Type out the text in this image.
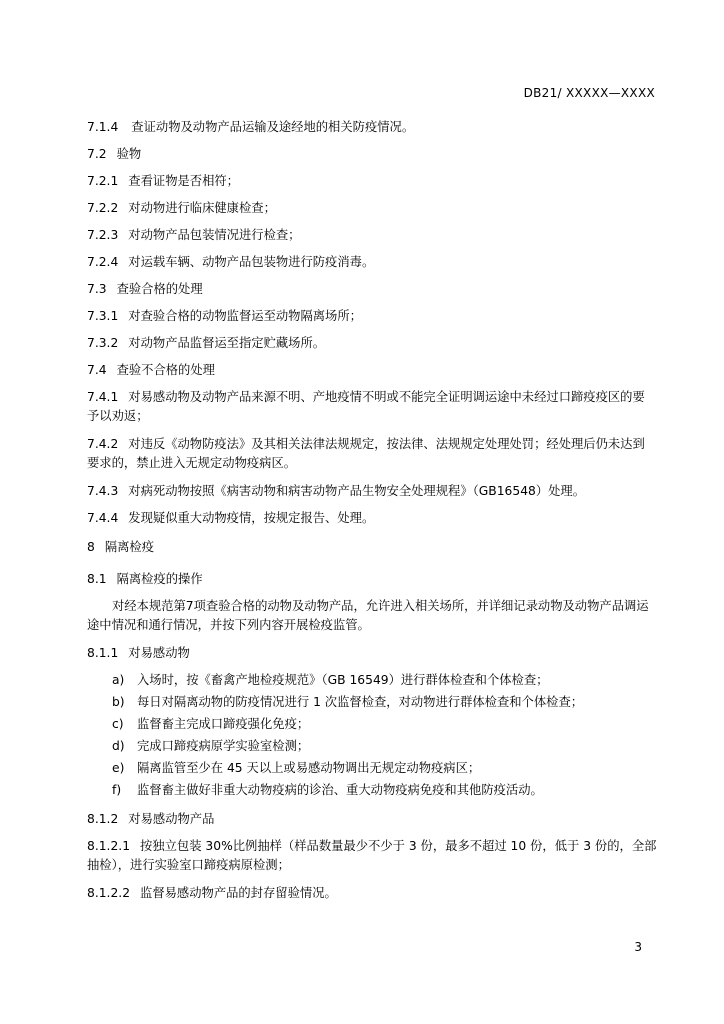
DB21/ XXXXX—XXXX
7.1.4 查证动物及动物产品运输及途经地的相关防疫情况。
7.2 验物
7.2.1 查看证物是否相符；
7.2.2 对动物进行临床健康检查；
7.2.3 对动物产品包装情况进行检查；
7.2.4 对运载车辆、动物产品包装物进行防疫消毒。
7.3 查验合格的处理
7.3.1 对查验合格的动物监督运至动物隔离场所；
7.3.2 对动物产品监督运至指定贮藏场所。
7.4 查验不合格的处理
7.4.1 对易感动物及动物产品来源不明、产地疫情不明或不能完全证明调运途中未经过口蹄疫疫区的要予以劝返；
7.4.2 对违反《动物防疫法》及其相关法律法规规定，按法律、法规规定处理处罚；经处理后仍未达到要求的，禁止进入无规定动物疫病区。
7.4.3 对病死动物按照《病害动物和病害动物产品生物安全处理规程》（GB16548）处理。
7.4.4 发现疑似重大动物疫情，按规定报告、处理。
8 隔离检疫
8.1 隔离检疫的操作
对经本规范第7项查验合格的动物及动物产品，允许进入相关场所，并详细记录动物及动物产品调运途中情况和通行情况，并按下列内容开展检疫监管。
8.1.1 对易感动物
a)	入场时，按《畜禽产地检疫规范》（GB 16549）进行群体检查和个体检查；
b)	每日对隔离动物的防疫情况进行 1 次监督检查，对动物进行群体检查和个体检查；
c)	监督畜主完成口蹄疫强化免疫；
d)	完成口蹄疫病原学实验室检测；
e)	隔离监管至少在 45 天以上或易感动物调出无规定动物疫病区；
f)	监督畜主做好非重大动物疫病的诊治、重大动物疫病免疫和其他防疫活动。
8.1.2 对易感动物产品
8.1.2.1 按独立包装 30%比例抽样（样品数量最少不少于 3 份，最多不超过 10 份，低于 3 份的，全部抽检），进行实验室口蹄疫病原检测；
8.1.2.2 监督易感动物产品的封存留验情况。
3
